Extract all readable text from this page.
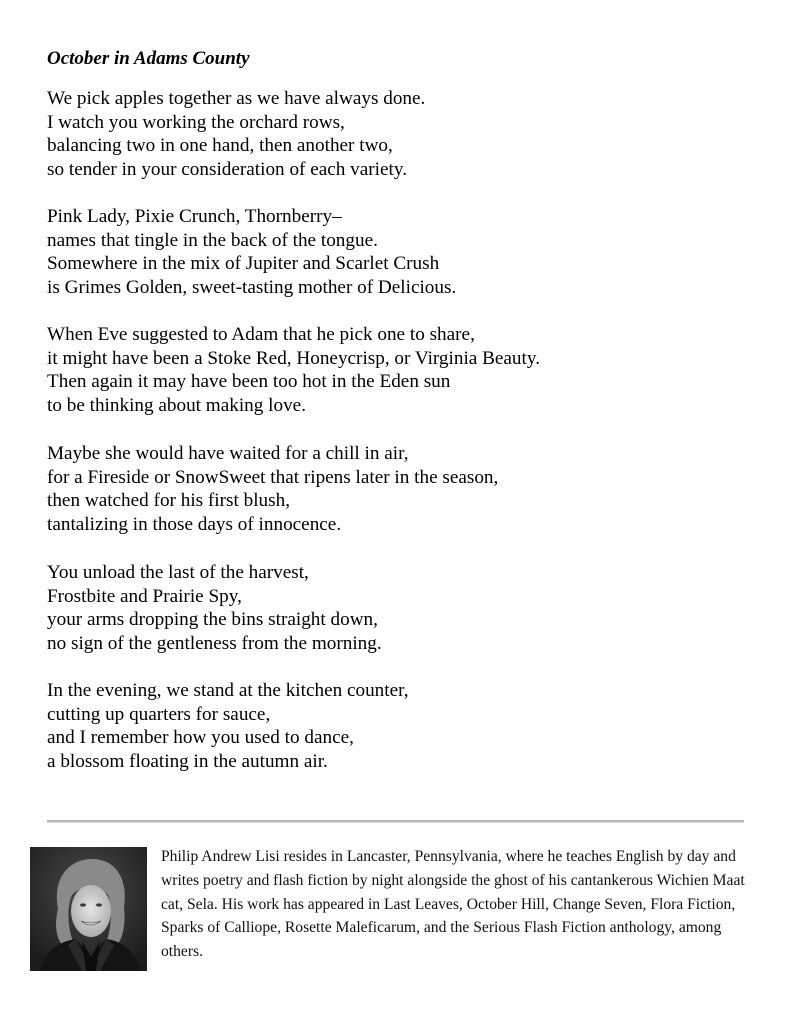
October in Adams County

We pick apples together as we have always done.
I watch you working the orchard rows,
balancing two in one hand, then another two,
so tender in your consideration of each variety.

Pink Lady, Pixie Crunch, Thornberry–
names that tingle in the back of the tongue.
Somewhere in the mix of Jupiter and Scarlet Crush
is Grimes Golden, sweet-tasting mother of Delicious.

When Eve suggested to Adam that he pick one to share,
it might have been a Stoke Red, Honeycrisp, or Virginia Beauty.
Then again it may have been too hot in the Eden sun
to be thinking about making love.

Maybe she would have waited for a chill in air,
for a Fireside or SnowSweet that ripens later in the season,
then watched for his first blush,
tantalizing in those days of innocence.

You unload the last of the harvest,
Frostbite and Prairie Spy,
your arms dropping the bins straight down,
no sign of the gentleness from the morning.

In the evening, we stand at the kitchen counter,
cutting up quarters for sauce,
and I remember how you used to dance,
a blossom floating in the autumn air.

Philip Andrew Lisi resides in Lancaster, Pennsylvania, where he teaches English by day and writes poetry and flash fiction by night alongside the ghost of his cantankerous Wichien Maat cat, Sela. His work has appeared in Last Leaves, October Hill, Change Seven, Flora Fiction, Sparks of Calliope, Rosette Maleficarum, and the Serious Flash Fiction anthology, among others.
